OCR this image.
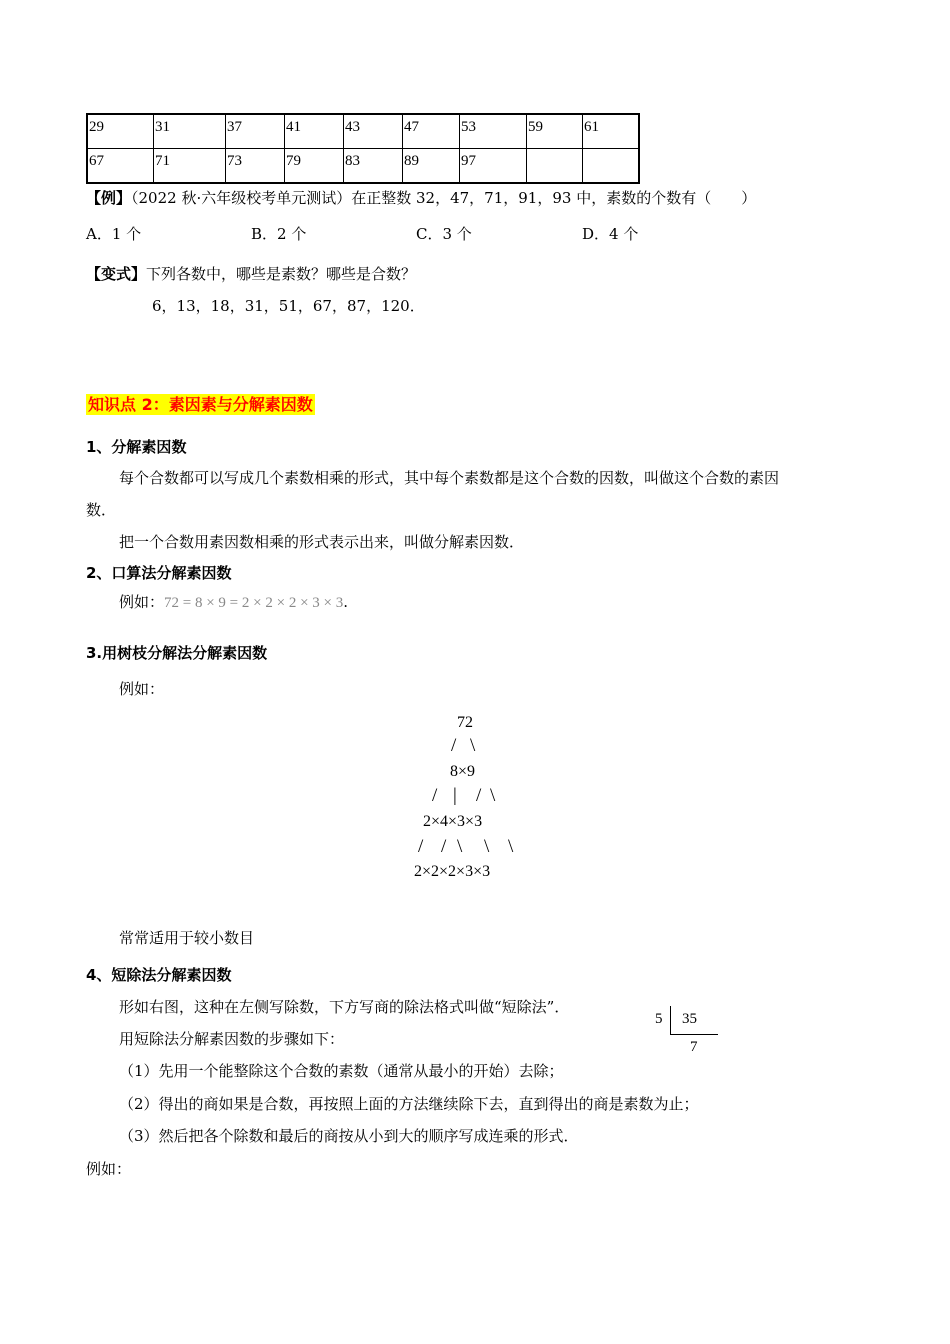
29	31	37	41	43	47	53	59	61
67	71	73	79	83	89	97		
【例】（2022 秋·六年级校考单元测试）在正整数 32，47，71，91，93 中，素数的个数有（　　）
A．1 个	B．2 个	C．3 个	D．4 个
【变式】下列各数中，哪些是素数？哪些是合数？
6，13，18，31，51，67，87，120．
知识点 2：素因素与分解素因数
1、分解素因数
每个合数都可以写成几个素数相乘的形式，其中每个素数都是这个合数的因数，叫做这个合数的素因
数．
把一个合数用素因数相乘的形式表示出来，叫做分解素因数．
2、口算法分解素因数
例如：72 = 8 × 9 = 2 × 2 × 2 × 3 × 3.
3.用树枝分解法分解素因数
例如：
72
/ \
8×9
/ | / \
2×4×3×3
/ / \ \ \
2×2×2×3×3
常常适用于较小数目
4、短除法分解素因数
形如右图，这种在左侧写除数，下方写商的除法格式叫做“短除法”．
用短除法分解素因数的步骤如下：
（1）先用一个能整除这个合数的素数（通常从最小的开始）去除；
（2）得出的商如果是合数，再按照上面的方法继续除下去，直到得出的商是素数为止；
（3）然后把各个除数和最后的商按从小到大的顺序写成连乘的形式．
例如：
5 35
7
